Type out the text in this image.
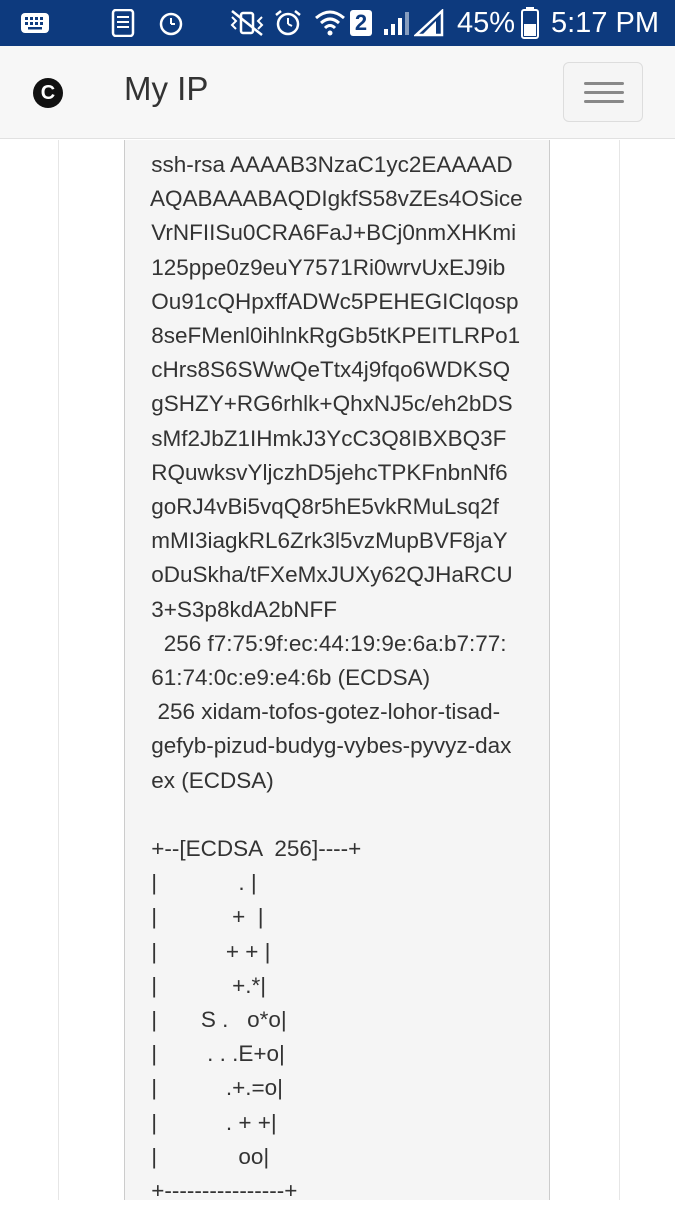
2	45% 5:17 PM
C My IP
ssh-rsa AAAAB3NzaC1yc2EAAAAD
AQABAAABAQDIgkfS58vZEs4OSice
VrNFIISu0CRA6FaJ+BCj0nmXHKmi
125ppe0z9euY7571Ri0wrvUxEJ9ib
Ou91cQHpxffADWc5PEHEGIClqosp
8seFMenl0ihlnkRgGb5tKPEITLRPo1
cHrs8S6SWwQeTtx4j9fqo6WDKSQ
gSHZY+RG6rhlk+QhxNJ5c/eh2bDS
sMf2JbZ1IHmkJ3YcC3Q8IBXBQ3F
RQuwksvYljczhD5jehcTPKFnbnNf6
goRJ4vBi5vqQ8r5hE5vkRMuLsq2f
mMI3iagkRL6Zrk3l5vzMupBVF8jaY
oDuSkha/tFXeMxJUXy62QJHaRCU
3+S3p8kdA2bNFF
256 f7:75:9f:ec:44:19:9e:6a:b7:77:
61:74:0c:e9:e4:6b (ECDSA)
256 xidam-tofos-gotez-lohor-tisad-
gefyb-pizud-budyg-vybes-pyvyz-dax
ex (ECDSA)

+--[ECDSA  256]----+
|             . |
|            +  |
|           + + |
|            +.*|
|       S .   o*o|
|        . . .E+o|
|           .+.=o|
|           . + +|
|             oo|
+----------------+
